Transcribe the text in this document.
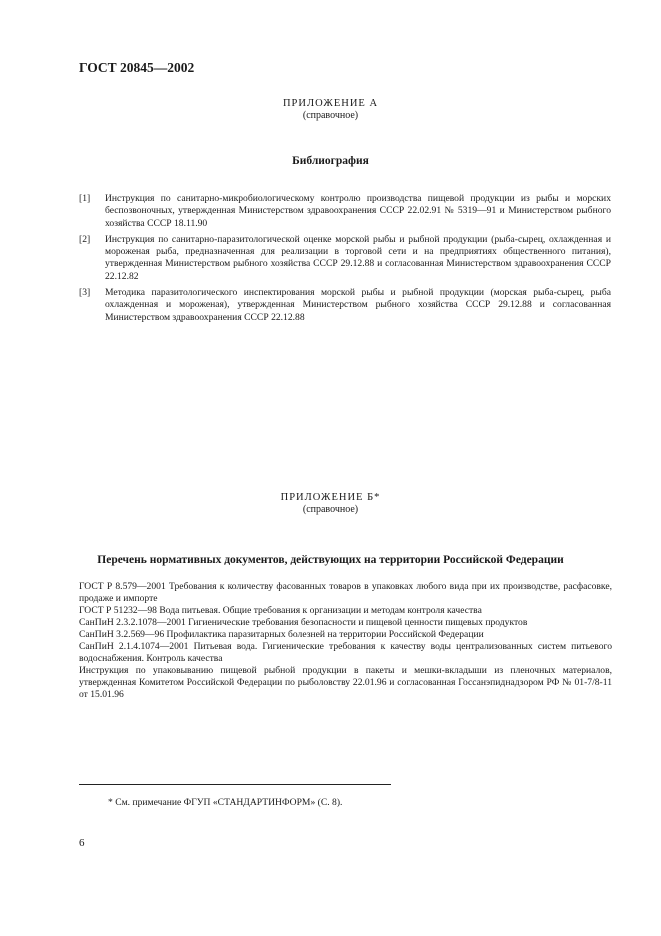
ГОСТ 20845—2002
ПРИЛОЖЕНИЕ А
(справочное)
Библиография
[1] Инструкция по санитарно-микробиологическому контролю производства пищевой продукции из рыбы и морских беспозвоночных, утвержденная Министерством здравоохранения СССР 22.02.91 № 5319—91 и Министерством рыбного хозяйства СССР 18.11.90
[2] Инструкция по санитарно-паразитологической оценке морской рыбы и рыбной продукции (рыба-сырец, охлажденная и мороженая рыба, предназначенная для реализации в торговой сети и на предприятиях общественного питания), утвержденная Министерством рыбного хозяйства СССР 29.12.88 и согласованная Министерством здравоохранения СССР 22.12.82
[3] Методика паразитологического инспектирования морской рыбы и рыбной продукции (морская рыба-сырец, рыба охлажденная и мороженая), утвержденная Министерством рыбного хозяйства СССР 29.12.88 и согласованная Министерством здравоохранения СССР 22.12.88
ПРИЛОЖЕНИЕ Б*
(справочное)
Перечень нормативных документов, действующих на территории Российской Федерации
ГОСТ Р 8.579—2001 Требования к количеству фасованных товаров в упаковках любого вида при их производстве, расфасовке, продаже и импорте
ГОСТ Р 51232—98 Вода питьевая. Общие требования к организации и методам контроля качества
СанПиН 2.3.2.1078—2001 Гигиенические требования безопасности и пищевой ценности пищевых продуктов
СанПиН 3.2.569—96 Профилактика паразитарных болезней на территории Российской Федерации
СанПиН 2.1.4.1074—2001 Питьевая вода. Гигиенические требования к качеству воды централизованных систем питьевого водоснабжения. Контроль качества
Инструкция по упаковыванию пищевой рыбной продукции в пакеты и мешки-вкладыши из пленочных материалов, утвержденная Комитетом Российской Федерации по рыболовству 22.01.96 и согласованная Госсанэпиднадзором РФ № 01-7/8-11 от 15.01.96
* См. примечание ФГУП «СТАНДАРТИНФОРМ» (С. 8).
6
